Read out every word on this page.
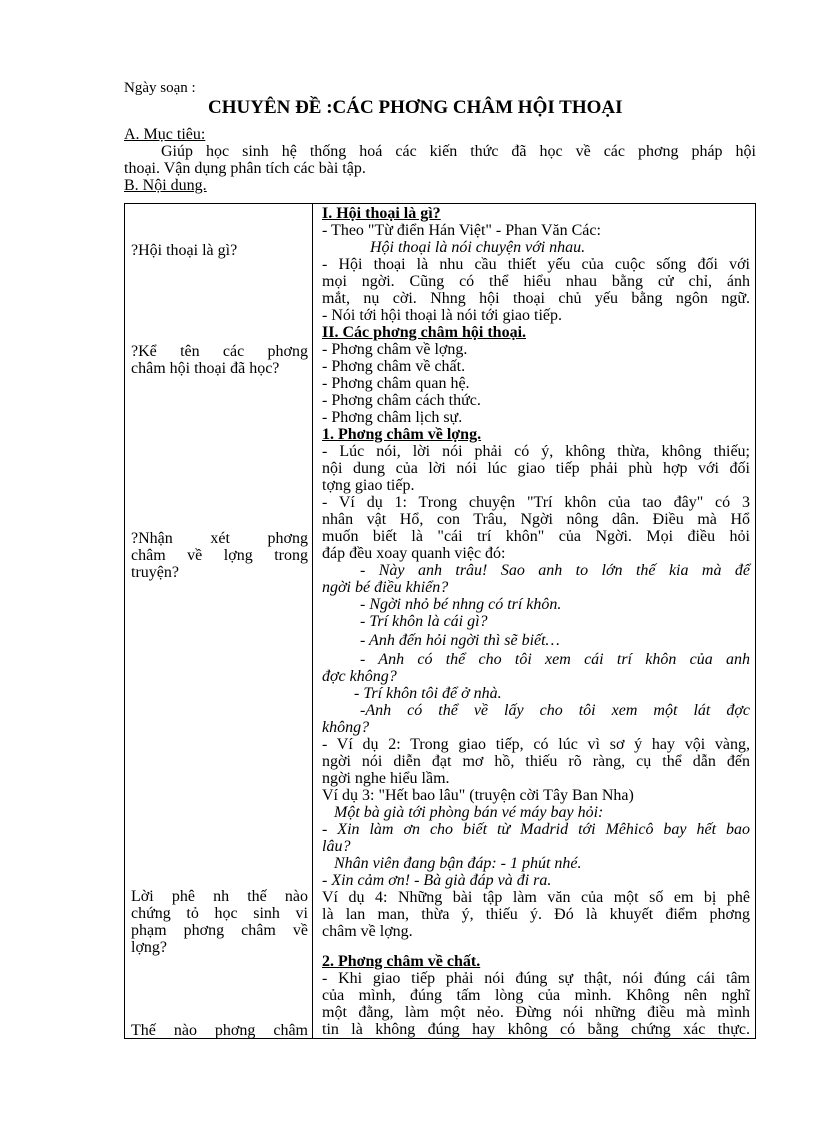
Ngày soạn :
CHUYÊN ĐỀ :CÁC PHƠNG CHÂM HỘI THOẠI
A. Mục tiêu:
Giúp học sinh hệ thống hoá các kiến thức đã học về các phơng pháp hội
thoại. Vận dụng phân tích các bài tập.
B. Nội dung.
?Hội thoại là gì?
?Kể tên các phơng
châm hội thoại đã học?
?Nhận xét phơng
châm về lợng trong
truyện?
Lời phê nh thế nào
chứng tỏ học sinh vi
phạm phơng châm về
lợng?
Thế nào phơng châm
I. Hội thoại là gì?
- Theo "Từ điển Hán Việt" - Phan Văn Các:
Hội thoại là nói chuyện với nhau.
- Hội thoại là nhu cầu thiết yếu của cuộc sống đối với
mọi ngời. Cũng có thể hiểu nhau bằng cử chỉ, ánh
mắt, nụ cời. Nhng hội thoại chủ yếu bằng ngôn ngữ.
- Nói tới hội thoại là nói tới giao tiếp.
II. Các phơng châm hội thoại.
- Phơng châm về lợng.
- Phơng châm về chất.
- Phơng châm quan hệ.
- Phơng châm cách thức.
- Phơng châm lịch sự.
1. Phơng châm về lợng.
- Lúc nói, lời nói phải có ý, không thừa, không thiếu;
nội dung của lời nói lúc giao tiếp phải phù hợp với đối
tợng giao tiếp.
- Ví dụ 1: Trong chuyện "Trí khôn của tao đây" có 3
nhân vật Hổ, con Trâu, Ngời nông dân. Điều mà Hổ
muốn biết là "cái trí khôn" của Ngời. Mọi điều hỏi
đáp đều xoay quanh việc đó:
- Này anh trâu! Sao anh to lớn thế kia mà để
ngời bé điều khiển?
- Ngời nhỏ bé nhng có trí khôn.
- Trí khôn là cái gì?
- Anh đến hỏi ngời thì sẽ biết…
- Anh có thể cho tôi xem cái trí khôn của anh
đợc không?
- Trí khôn tôi để ở nhà.
-Anh có thể về lấy cho tôi xem một lát đợc
không?
- Ví dụ 2: Trong giao tiếp, có lúc vì sơ ý hay vội vàng,
ngời nói diễn đạt mơ hồ, thiếu rõ ràng, cụ thể dẫn đến
ngời nghe hiểu lầm.
Ví dụ 3: "Hết bao lâu" (truyện cời Tây Ban Nha)
Một bà già tới phòng bán vé máy bay hỏi:
- Xin làm ơn cho biết từ Madrid tới Mêhicô bay hết bao
lâu?
Nhân viên đang bận đáp: - 1 phút nhé.
- Xin cảm ơn! - Bà già đáp và đi ra.
Ví dụ 4: Những bài tập làm văn của một số em bị phê
là lan man, thừa ý, thiếu ý. Đó là khuyết điểm phơng
châm về lợng.
2. Phơng châm về chất.
- Khi giao tiếp phải nói đúng sự thật, nói đúng cái tâm
của mình, đúng tấm lòng của mình. Không nên nghĩ
một đằng, làm một nẻo. Đừng nói những điều mà mình
tin là không đúng hay không có bằng chứng xác thực.
